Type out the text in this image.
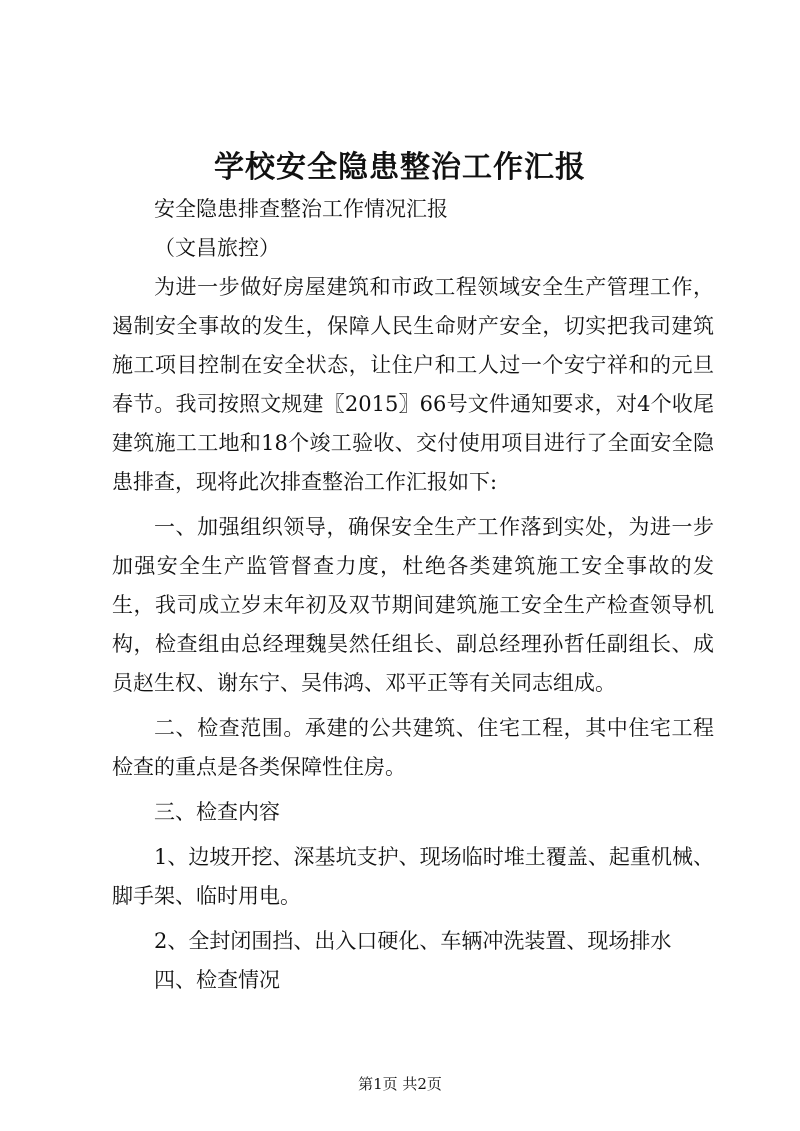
学校安全隐患整治工作汇报

安全隐患排查整治工作情况汇报

（文昌旅控）

为进一步做好房屋建筑和市政工程领域安全生产管理工作，遏制安全事故的发生，保障人民生命财产安全，切实把我司建筑施工项目控制在安全状态，让住户和工人过一个安宁祥和的元旦春节。我司按照文规建〖2015〗66号文件通知要求，对4个收尾建筑施工工地和18个竣工验收、交付使用项目进行了全面安全隐患排查，现将此次排查整治工作汇报如下:

一、加强组织领导，确保安全生产工作落到实处，为进一步加强安全生产监管督查力度，杜绝各类建筑施工安全事故的发生，我司成立岁末年初及双节期间建筑施工安全生产检查领导机构，检查组由总经理魏昊然任组长、副总经理孙哲任副组长、成员赵生权、谢东宁、吴伟鸿、邓平正等有关同志组成。

二、检查范围。承建的公共建筑、住宅工程，其中住宅工程检查的重点是各类保障性住房。

三、检查内容

1、边坡开挖、深基坑支护、现场临时堆土覆盖、起重机械、脚手架、临时用电。

2、全封闭围挡、出入口硬化、车辆冲洗装置、现场排水

四、检查情况

第1页 共2页
